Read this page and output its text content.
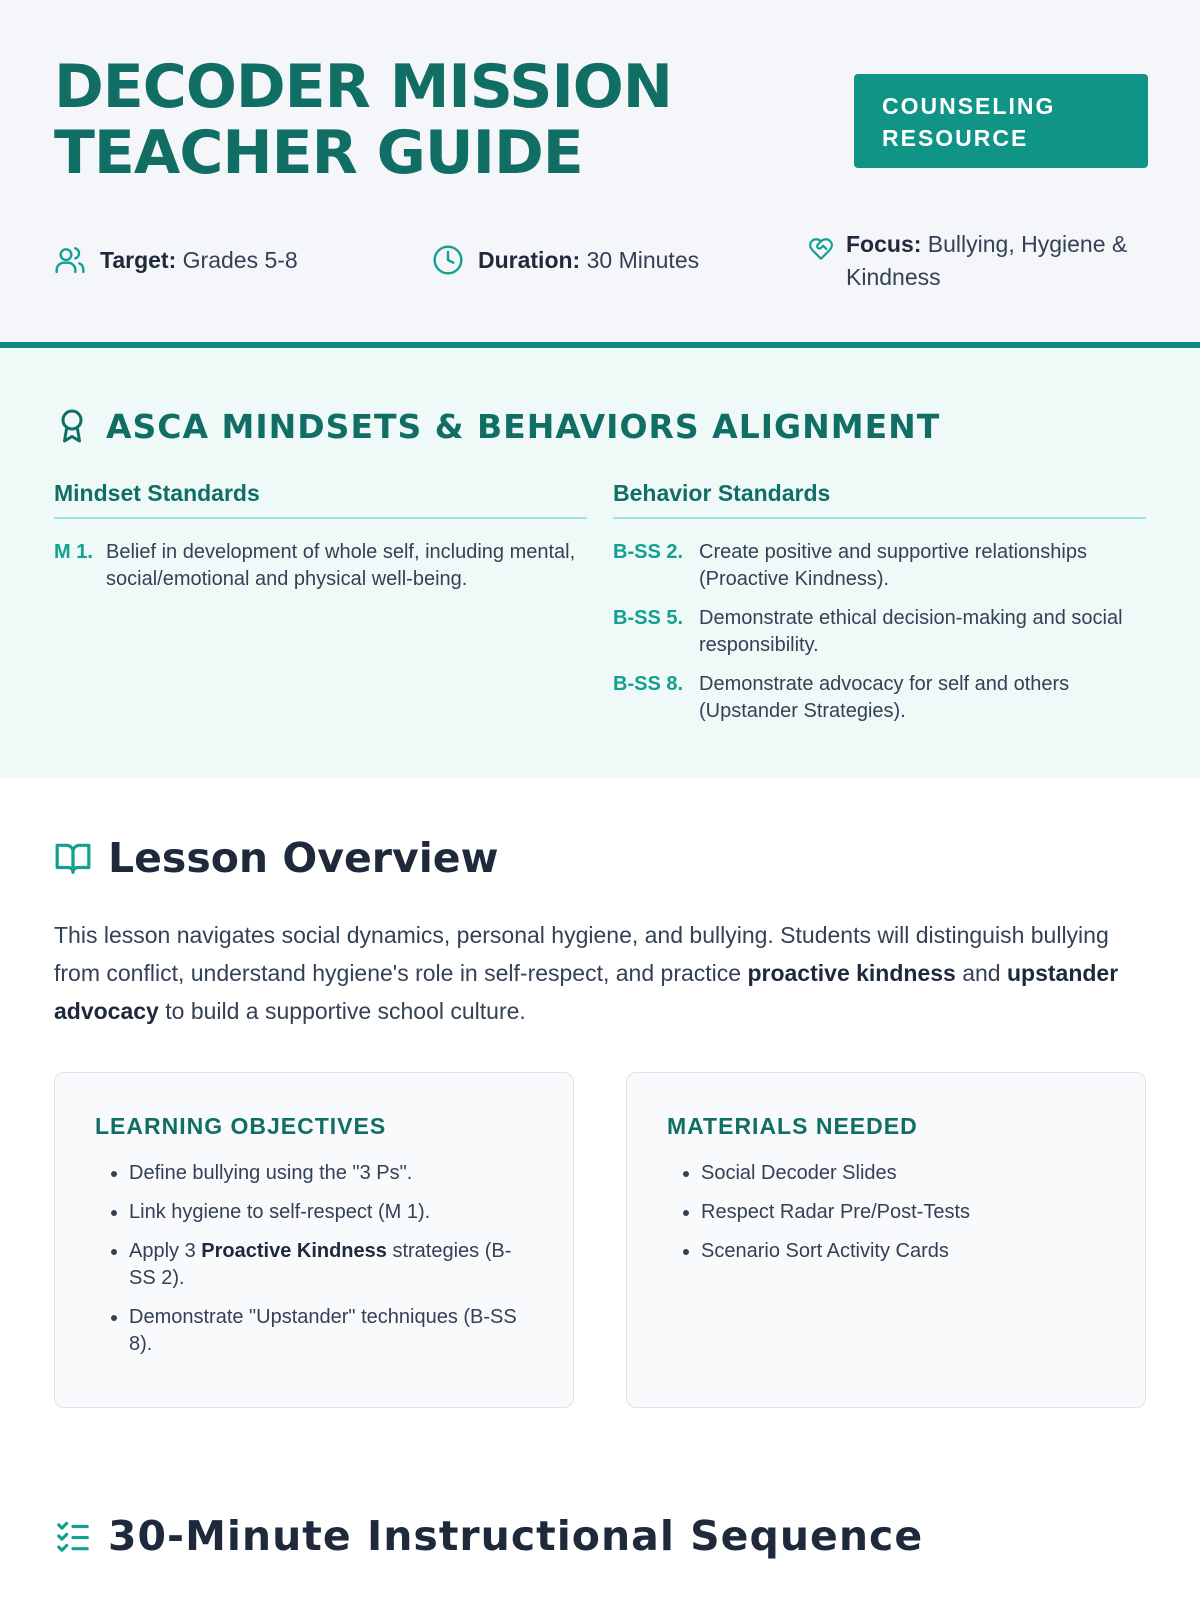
DECODER MISSION
TEACHER GUIDE
COUNSELING
RESOURCE
Target: Grades 5-8	Duration: 30 Minutes
Focus: Bullying, Hygiene & Kindness
ASCA MINDSETS & BEHAVIORS ALIGNMENT
Mindset Standards
M 1. Belief in development of whole self, including mental, social/emotional and physical well-being.
Behavior Standards
B-SS 2. Create positive and supportive relationships (Proactive Kindness).
B-SS 5. Demonstrate ethical decision-making and social responsibility.
B-SS 8. Demonstrate advocacy for self and others (Upstander Strategies).
Lesson Overview

This lesson navigates social dynamics, personal hygiene, and bullying. Students will distinguish bullying from conflict, understand hygiene's role in self-respect, and practice proactive kindness and upstander advocacy to build a supportive school culture.

LEARNING OBJECTIVES
• Define bullying using the "3 Ps".
• Link hygiene to self-respect (M 1).
• Apply 3 Proactive Kindness strategies (B-SS 2).
• Demonstrate "Upstander" techniques (B-SS 8).
MATERIALS NEEDED
• Social Decoder Slides
• Respect Radar Pre/Post-Tests
• Scenario Sort Activity Cards
30-Minute Instructional Sequence
